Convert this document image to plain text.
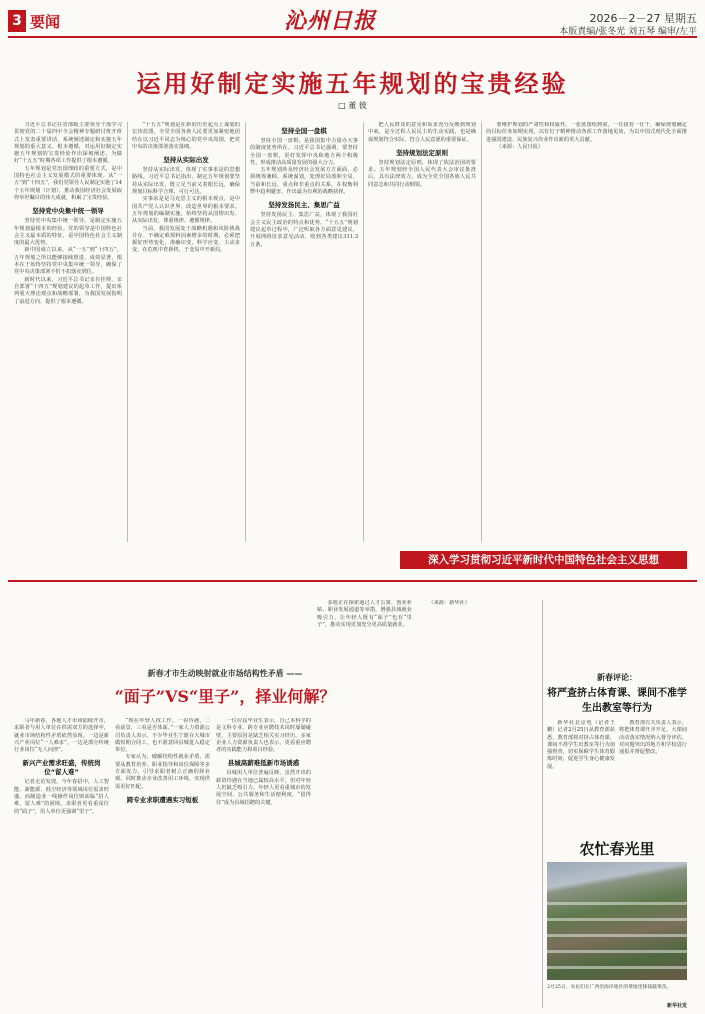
3 要闻	沁州日报	2026－2－27 星期五
本版責编/张冬光 刘五琴 编审/左平
运用好制定实施五年规划的宝贵经验
□ 董 彼

习近平总书记在省部级主要领导干部学习贯彻党的二十届四中全会精神专题研讨班开班式上发表重要讲话，系统阐述制定和实施五年规划的重大意义、根本遵循，对运用好制定实施五年规划的宝贵经验作出深刻阐述，为做好“十五五”时期各项工作提供了根本遵循。

五年规划是党治国理政的重要方式，是中国特色社会主义发展模式的重要体现。从“一五”到“十四五”，我们党领导人民制定实施了14个五年规划（计划），推动我国经济社会发展取得举世瞩目的伟大成就，积累了宝贵经验。

坚持党中央集中统一领导

坚持党中央集中统一领导，是制定实施五年规划最根本的经验。党的领导是中国特色社会主义最本质的特征，是中国特色社会主义制度的最大优势。

新中国成立以来，从“一五”到“十四五”，五年规划之所以能够接续推进、成效显著，根本在于始终坚持党中央集中统一领导，确保了党中央决策部署不折不扣落实到位。

新时代以来，习近平总书记亲自挂帅、亲自部署“十四五”规划建议的起草工作，提出系列重大理论观点和战略部署，为我国发展指明了前进方向、提供了根本遵循。

“十五五”规划是在新的历史起点上谋划的宏伟蓝图，全党全国各族人民要更加紧密地团结在以习近平同志为核心的党中央周围，把党中央的决策部署落实落细。

坚持从实际出发

坚持从实际出发，体现了实事求是的思想路线。习近平总书记指出，制定五年规划要坚持从实际出发，既立足当前又着眼长远，确保规划目标科学合理、可行可达。

实事求是是马克思主义的根本观点，是中国共产党人认识世界、改造世界的根本要求。五年规划的编制实施，始终坚持从国情出发、从实际出发，尊重规律、遵循规律。

当前，我国发展处于战略机遇和风险挑战并存、不确定难预料因素增多的时期，必须把握好形势变化，准确识变、科学应变、主动求变，在危机中育新机、于变局中开新局。

坚持全国一盘棋

坚持全国一盘棋，是我国集中力量办大事的制度优势所在。习近平总书记强调，要坚持全国一盘棋，更好发挥中央和地方两个积极性，形成推动高质量发展的强大合力。

五年规划涉及经济社会发展方方面面，必须统筹兼顾、系统谋划，处理好局部和全局、当前和长远、重点和非重点的关系，在权衡利弊中趋利避害、作出最为有利的战略抉择。

坚持发扬民主、集思广益

坚持发扬民主、集思广益，体现了我国社会主义民主政治的特点和优势。“十五五”规划建议起草过程中，广泛听取各方面意见建议，开展网络征求意见活动，收到各类建议311.3万条。

把人民群众的意见和诉求充分反映到规划中来，是全过程人民民主的生动实践，也是确保规划符合实际、符合人民意愿的重要保证。

坚持规划法定原则

坚持规划法定原则，体现了依法治国的要求。五年规划经全国人民代表大会审议批准后，具有法律效力，成为全党全国各族人民共同意志和共同行动纲领。

要维护规划的严肃性和权威性，一张蓝图绘到底，一任接着一任干，确保规划确定的目标任务如期实现，以钉钉子精神推动各项工作落地见效，为以中国式现代化全面推进强国建设、民族复兴伟业作出新的更大贡献。

（来源：人民日报）

深入学习贯彻习近平新时代中国特色社会主义思想
新春才市生动映射就业市场结构性矛盾 ——
“面子”VS“里子”，择业何解？

马年新春，各地人才市场陆续开市，求职者与用人单位在供需双方的选择中，就业市场结构性矛盾依然显现。一边是新兴产业岗位“一人难求”，一边是部分传统行业岗位“无人问津”。

新兴产业需求旺盛，传统岗位“留人难”

记者走访发现，今年春招中，人工智能、新能源、低空经济等领域岗位需求旺盛，而制造业一线操作岗位则面临“招人难、留人难”的困境。求职者更看重岗位的“面子”，用人单位更强调“里子”。

“现在年轻人找工作，一看待遇，二看前景，三看是否体面。”一家人力资源公司负责人表示，不少毕业生宁愿在大城市做短期合同工，也不愿意回县城进入稳定单位。

专家认为，破解结构性就业矛盾，需要从教育培养、职业指导和岗位保障等多方面发力，引导求职者树立正确的择业观，同时推动企业改善用工环境，实现供需更好匹配。

跨专业求职遭遇实习短板

一位应届毕业生表示，自己本科学的是文科专业，跨专业应聘技术岗时屡屡碰壁，主要原因是缺乏相关实习经历。多家企业人力资源负责人也表示，更看重应聘者的实践能力和项目经验。

县城高薪难抵新市场诱惑

县城用人单位普遍反映，虽然开出的薪资待遇在当地已属较高水平，但对年轻人仍缺乏吸引力。年轻人更看重城市的发展空间、公共服务和生活便利度，“留得住”成为县域招聘的关键。

多地正在探索通过人才公寓、创业补贴、职业发展通道等举措，增强县域就业吸引力，让年轻人既有“面子”也有“里子”，推动实现更加充分更高质量就业。

（来源：新华社）

新春评论：
将严查挤占体育课、课间不准学生出教室等行为

新华社北京电（记者王鹏）记者2月25日从教育部获悉，教育部将对挤占体育课、课间不准学生出教室等行为加强督查，切实保障学生体育锻炼时间，促进学生身心健康发展。

教育部有关负责人表示，将把体育课开齐开足、大课间活动落实情况纳入督导评估，对问题突出的地方和学校进行通报并督促整改。

农忙春光里
2月25日，农民们在广西沿海洋地区的菜地里移栽蔬菜苗。
新华社发
